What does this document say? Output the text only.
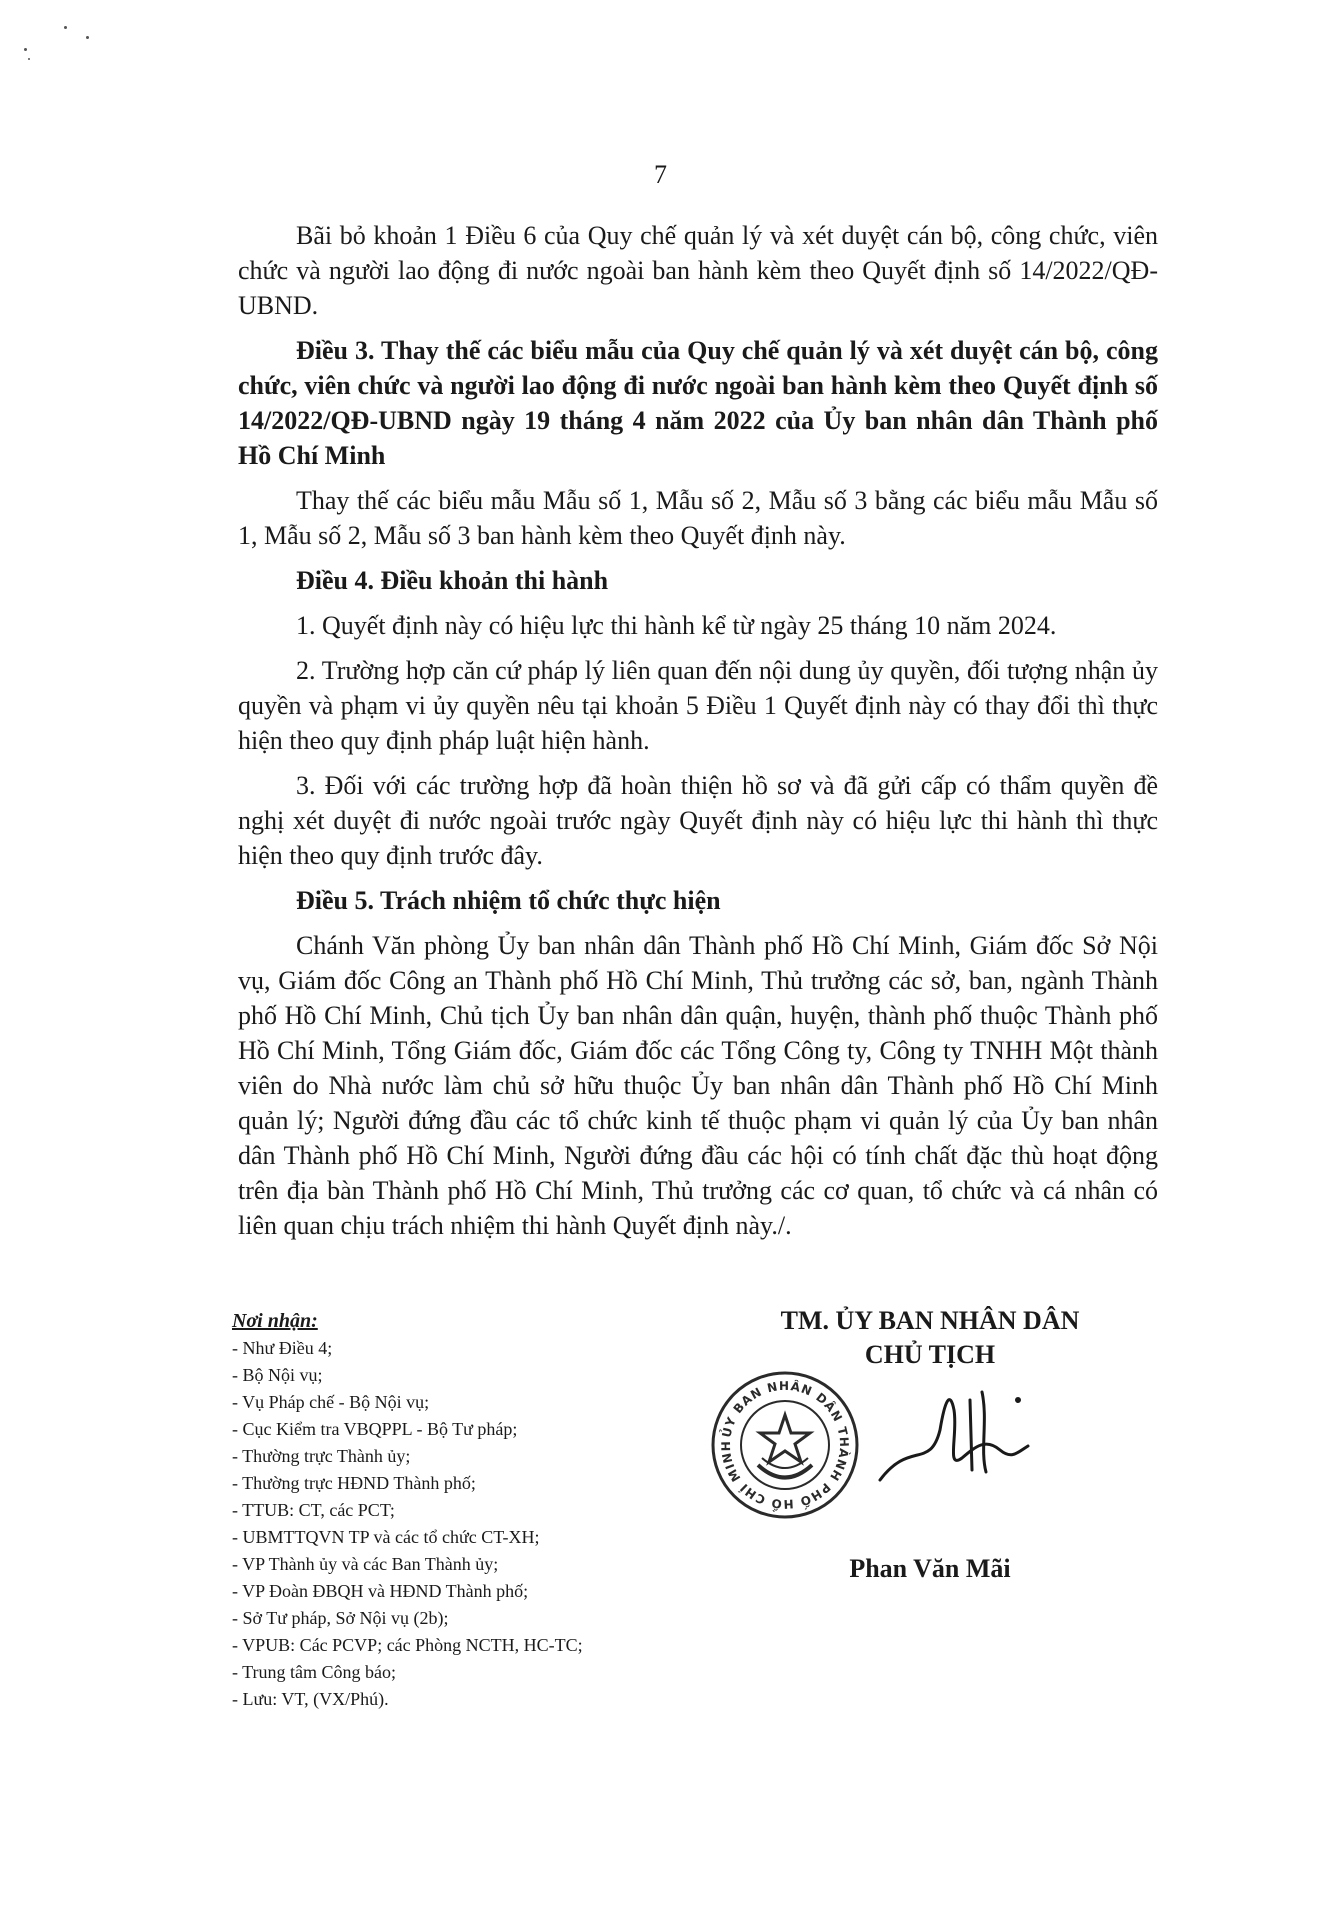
7

Bãi bỏ khoản 1 Điều 6 của Quy chế quản lý và xét duyệt cán bộ, công chức, viên chức và người lao động đi nước ngoài ban hành kèm theo Quyết định số 14/2022/QĐ-UBND.

Điều 3. Thay thế các biểu mẫu của Quy chế quản lý và xét duyệt cán bộ, công chức, viên chức và người lao động đi nước ngoài ban hành kèm theo Quyết định số 14/2022/QĐ-UBND ngày 19 tháng 4 năm 2022 của Ủy ban nhân dân Thành phố Hồ Chí Minh

Thay thế các biểu mẫu Mẫu số 1, Mẫu số 2, Mẫu số 3 bằng các biểu mẫu Mẫu số 1, Mẫu số 2, Mẫu số 3 ban hành kèm theo Quyết định này.

Điều 4. Điều khoản thi hành

1. Quyết định này có hiệu lực thi hành kể từ ngày 25 tháng 10 năm 2024.

2. Trường hợp căn cứ pháp lý liên quan đến nội dung ủy quyền, đối tượng nhận ủy quyền và phạm vi ủy quyền nêu tại khoản 5 Điều 1 Quyết định này có thay đổi thì thực hiện theo quy định pháp luật hiện hành.

3. Đối với các trường hợp đã hoàn thiện hồ sơ và đã gửi cấp có thẩm quyền đề nghị xét duyệt đi nước ngoài trước ngày Quyết định này có hiệu lực thi hành thì thực hiện theo quy định trước đây.

Điều 5. Trách nhiệm tổ chức thực hiện

Chánh Văn phòng Ủy ban nhân dân Thành phố Hồ Chí Minh, Giám đốc Sở Nội vụ, Giám đốc Công an Thành phố Hồ Chí Minh, Thủ trưởng các sở, ban, ngành Thành phố Hồ Chí Minh, Chủ tịch Ủy ban nhân dân quận, huyện, thành phố thuộc Thành phố Hồ Chí Minh, Tổng Giám đốc, Giám đốc các Tổng Công ty, Công ty TNHH Một thành viên do Nhà nước làm chủ sở hữu thuộc Ủy ban nhân dân Thành phố Hồ Chí Minh quản lý; Người đứng đầu các tổ chức kinh tế thuộc phạm vi quản lý của Ủy ban nhân dân Thành phố Hồ Chí Minh, Người đứng đầu các hội có tính chất đặc thù hoạt động trên địa bàn Thành phố Hồ Chí Minh, Thủ trưởng các cơ quan, tổ chức và cá nhân có liên quan chịu trách nhiệm thi hành Quyết định này./.

Nơi nhận:
- Như Điều 4;
- Bộ Nội vụ;
- Vụ Pháp chế - Bộ Nội vụ;
- Cục Kiểm tra VBQPPL - Bộ Tư pháp;
- Thường trực Thành ủy;
- Thường trực HĐND Thành phố;
- TTUB: CT, các PCT;
- UBMTTQVN TP và các tổ chức CT-XH;
- VP Thành ủy và các Ban Thành ủy;
- VP Đoàn ĐBQH và HĐND Thành phố;
- Sở Tư pháp, Sở Nội vụ (2b);
- VPUB: Các PCVP; các Phòng NCTH, HC-TC;
- Trung tâm Công báo;
- Lưu: VT, (VX/Phú).
TM. ỦY BAN NHÂN DÂN
CHỦ TỊCH
Phan Văn Mãi
ỦY BAN NHÂN DÂN THÀNH PHỐ HỒ CHÍ MINH
